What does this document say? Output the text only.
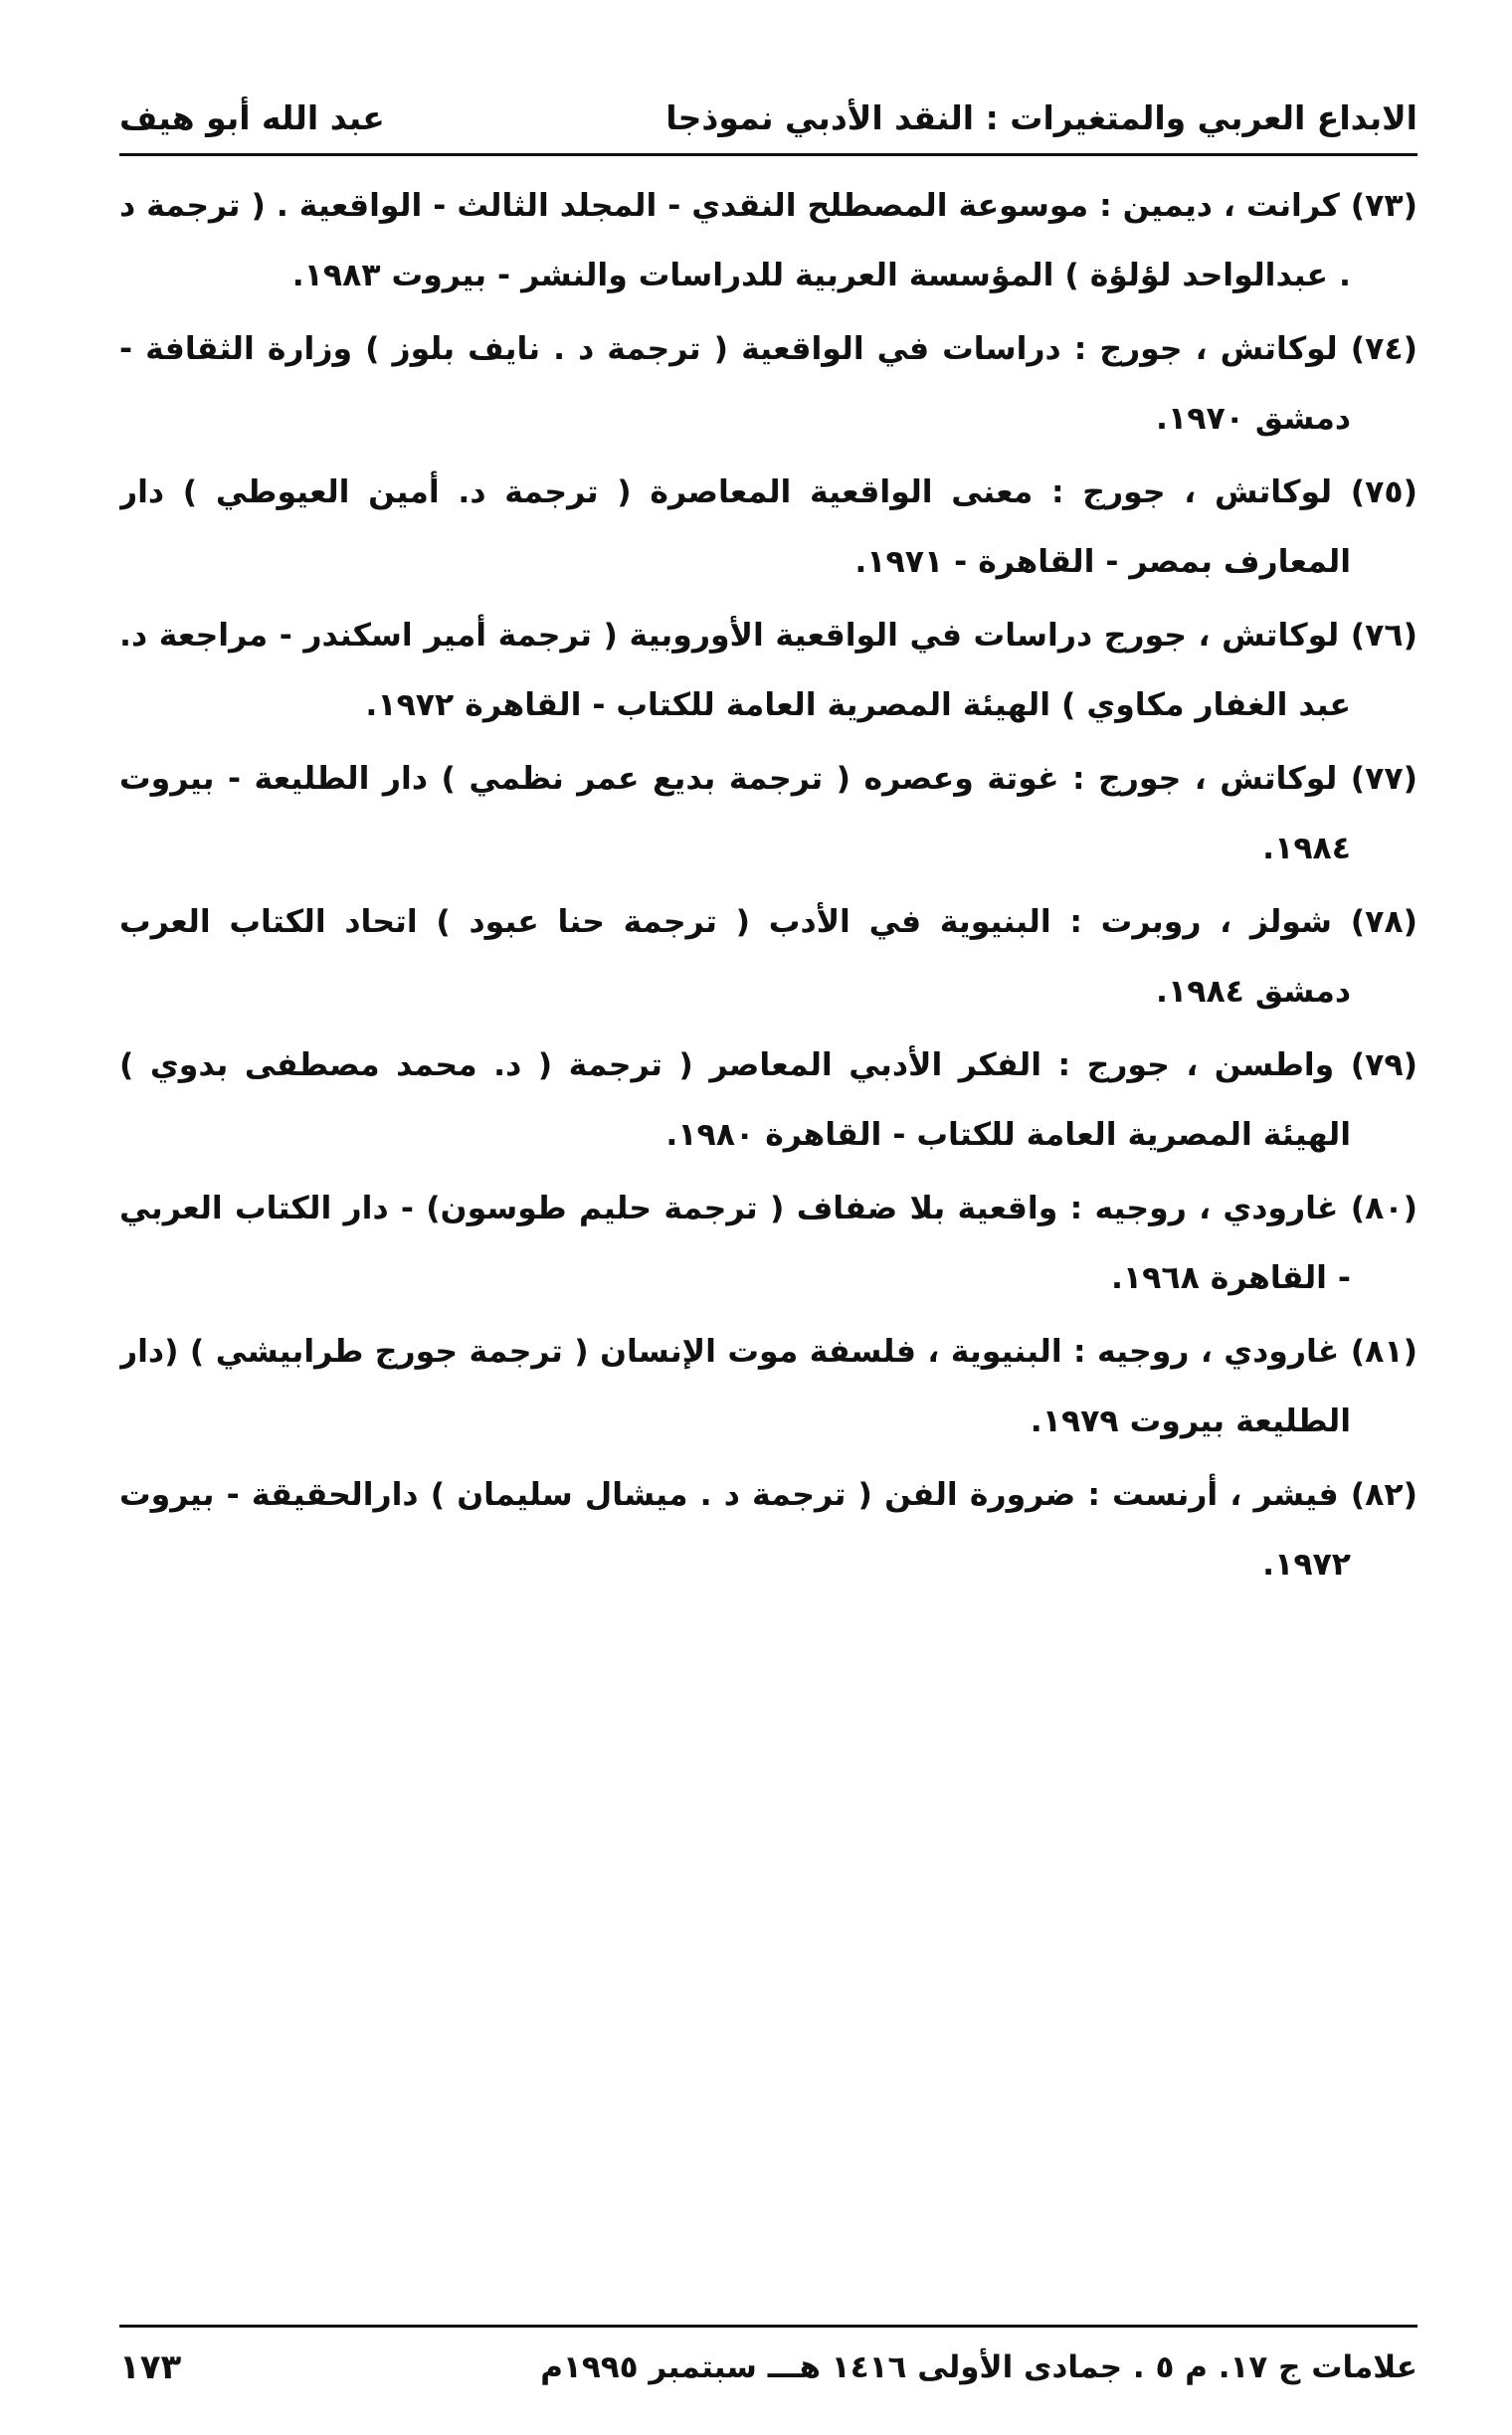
الابداع العربي والمتغيرات : النقد الأدبي نموذجا
عبد الله أبو هيف
(٧٣) كرانت ، ديمين : موسوعة المصطلح النقدي - المجلد الثالث - الواقعية . ( ترجمة د
. عبدالواحد لؤلؤة ) المؤسسة العربية للدراسات والنشر - بيروت ١٩٨٣.
(٧٤) لوكاتش ، جورج : دراسات في الواقعية ( ترجمة د . نايف بلوز ) وزارة الثقافة -
دمشق ١٩٧٠.
(٧٥) لوكاتش ، جورج : معنى الواقعية المعاصرة ( ترجمة د. أمين العيوطي ) دار
المعارف بمصر - القاهرة - ١٩٧١.
(٧٦) لوكاتش ، جورج دراسات في الواقعية الأوروبية ( ترجمة أمير اسكندر - مراجعة د.
عبد الغفار مكاوي ) الهيئة المصرية العامة للكتاب - القاهرة ١٩٧٢.
(٧٧) لوكاتش ، جورج : غوتة وعصره ( ترجمة بديع عمر نظمي ) دار الطليعة - بيروت
١٩٨٤.
(٧٨) شولز ، روبرت : البنيوية في الأدب ( ترجمة حنا عبود ) اتحاد الكتاب العرب
دمشق ١٩٨٤.
(٧٩) واطسن ، جورج : الفكر الأدبي المعاصر ( ترجمة ( د. محمد مصطفى بدوي )
الهيئة المصرية العامة للكتاب - القاهرة ١٩٨٠.
(٨٠) غارودي ، روجيه : واقعية بلا ضفاف ( ترجمة حليم طوسون) - دار الكتاب العربي
- القاهرة ١٩٦٨.
(٨١) غارودي ، روجيه : البنيوية ، فلسفة موت الإنسان ( ترجمة جورج طرابيشي ) (دار
الطليعة بيروت ١٩٧٩.
(٨٢) فيشر ، أرنست : ضرورة الفن ( ترجمة د . ميشال سليمان ) دارالحقيقة - بيروت
١٩٧٢.
علامات ج ١٧. م ٥ . جمادى الأولى ١٤١٦ هـــ سبتمبر ١٩٩٥م
١٧٣
